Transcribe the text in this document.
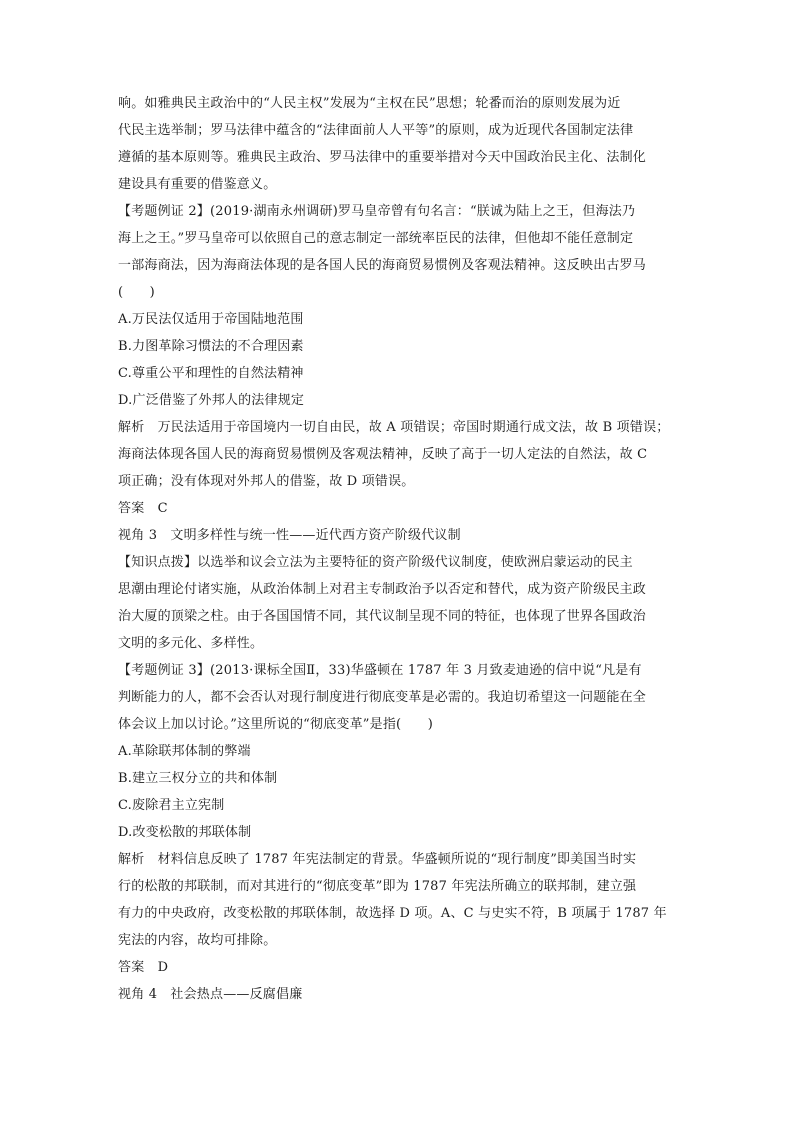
响。如雅典民主政治中的“人民主权”发展为“主权在民”思想；轮番而治的原则发展为近
代民主选举制；罗马法律中蕴含的“法律面前人人平等”的原则，成为近现代各国制定法律
遵循的基本原则等。雅典民主政治、罗马法律中的重要举措对今天中国政治民主化、法制化
建设具有重要的借鉴意义。
【考题例证 2】(2019·湖南永州调研)罗马皇帝曾有句名言：“朕诚为陆上之王，但海法乃
海上之王。”罗马皇帝可以依照自己的意志制定一部统率臣民的法律，但他却不能任意制定
一部海商法，因为海商法体现的是各国人民的海商贸易惯例及客观法精神。这反映出古罗马
(　　)
A.万民法仅适用于帝国陆地范围
B.力图革除习惯法的不合理因素
C.尊重公平和理性的自然法精神
D.广泛借鉴了外邦人的法律规定
解析　万民法适用于帝国境内一切自由民，故 A 项错误；帝国时期通行成文法，故 B 项错误；
海商法体现各国人民的海商贸易惯例及客观法精神，反映了高于一切人定法的自然法，故 C
项正确；没有体现对外邦人的借鉴，故 D 项错误。
答案　C
视角 3　文明多样性与统一性——近代西方资产阶级代议制
【知识点拨】以选举和议会立法为主要特征的资产阶级代议制度，使欧洲启蒙运动的民主
思潮由理论付诸实施，从政治体制上对君主专制政治予以否定和替代，成为资产阶级民主政
治大厦的顶梁之柱。由于各国国情不同，其代议制呈现不同的特征，也体现了世界各国政治
文明的多元化、多样性。
【考题例证 3】(2013·课标全国Ⅱ，33)华盛顿在 1787 年 3 月致麦迪逊的信中说“凡是有
判断能力的人，都不会否认对现行制度进行彻底变革是必需的。我迫切希望这一问题能在全
体会议上加以讨论。”这里所说的“彻底变革”是指(　　)
A.革除联邦体制的弊端
B.建立三权分立的共和体制
C.废除君主立宪制
D.改变松散的邦联体制
解析　材料信息反映了 1787 年宪法制定的背景。华盛顿所说的“现行制度”即美国当时实
行的松散的邦联制，而对其进行的“彻底变革”即为 1787 年宪法所确立的联邦制，建立强
有力的中央政府，改变松散的邦联体制，故选择 D 项。A、C 与史实不符，B 项属于 1787 年
宪法的内容，故均可排除。
答案　D
视角 4　社会热点——反腐倡廉
